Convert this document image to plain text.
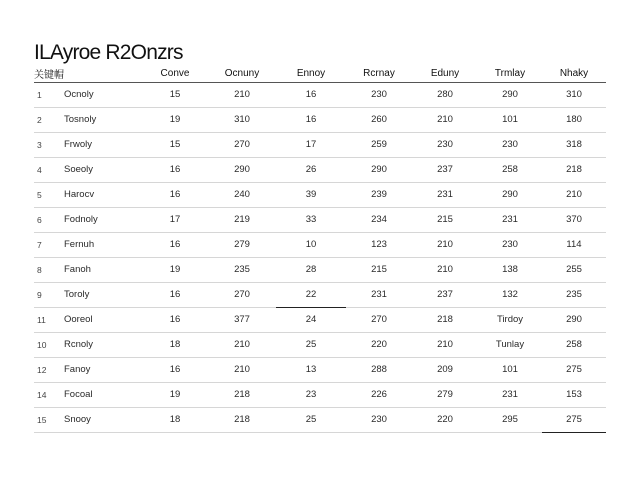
ILAyroe R2Onzrs
关键帽		Conve	Ocnuny	Ennoy	Rcrnay	Eduny	Trmlay	Nhaky
1	Ocnoly	15	210	16	230	280	290	310
2	Tosnoly	19	310	16	260	210	101	180
3	Frwoly	15	270	17	259	230	230	318
4	Soeoly	16	290	26	290	237	258	218
5	Harocv	16	240	39	239	231	290	210
6	Fodnoly	17	219	33	234	215	231	370
7	Fernuh	16	279	10	123	210	230	114
8	Fanoh	19	235	28	215	210	138	255
9	Toroly	16	270	22	231	237	132	235
11	Ooreol	16	377	24	270	218	Tirdoy	290
10	Rcnoly	18	210	25	220	210	Tunlay	258
12	Fanoy	16	210	13	288	209	101	275
14	Focoal	19	218	23	226	279	231	153
15	Snooy	18	218	25	230	220	295	275
